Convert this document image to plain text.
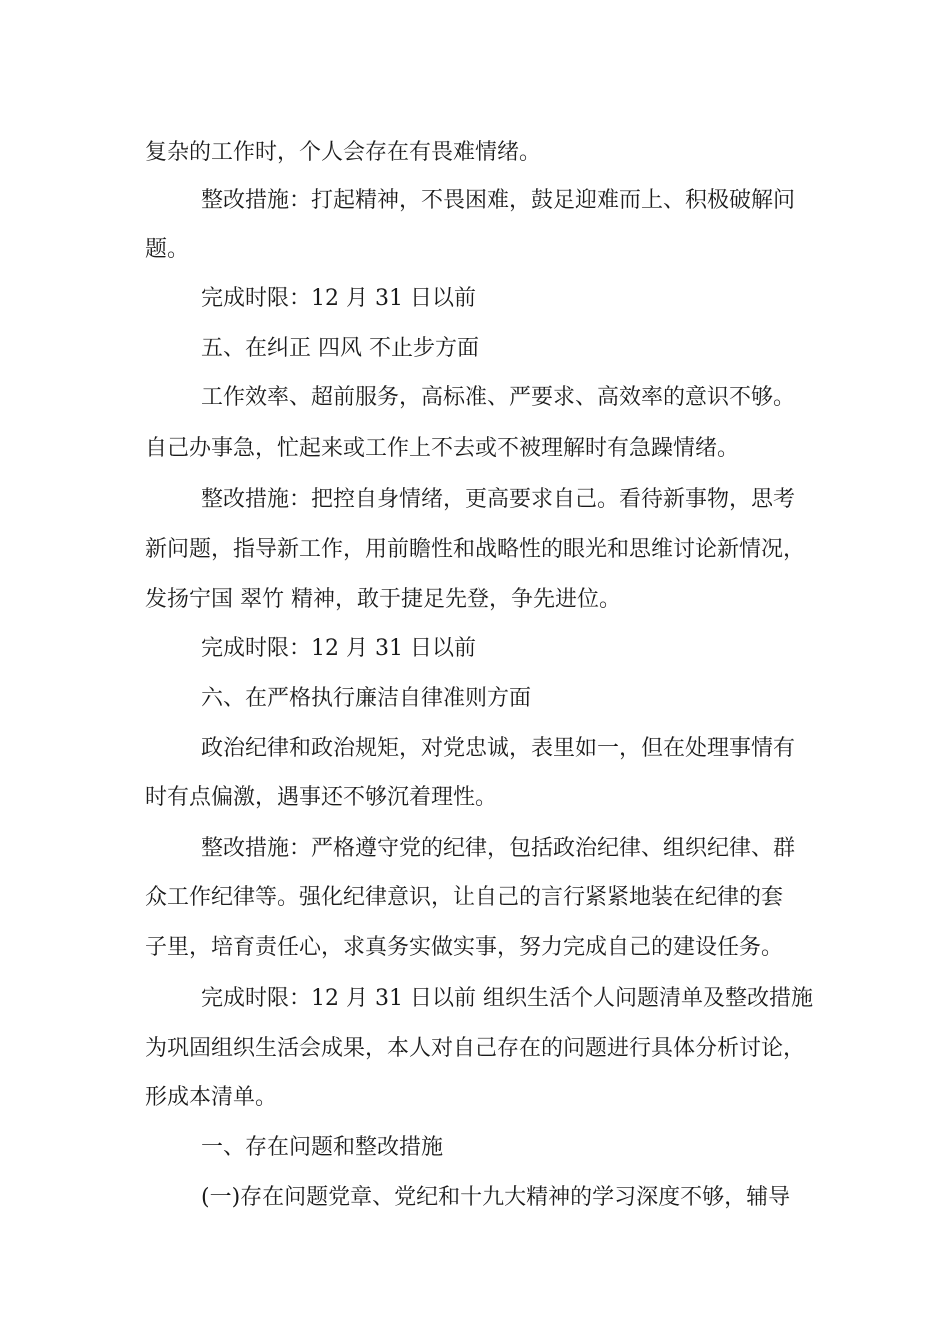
复杂的工作时，个人会存在有畏难情绪。
整改措施：打起精神，不畏困难，鼓足迎难而上、积极破解问
题。
完成时限：12 月 31 日以前
五、在纠正 四风 不止步方面
工作效率、超前服务，高标准、严要求、高效率的意识不够。
自己办事急，忙起来或工作上不去或不被理解时有急躁情绪。
整改措施：把控自身情绪，更高要求自己。看待新事物，思考
新问题，指导新工作，用前瞻性和战略性的眼光和思维讨论新情况，
发扬宁国 翠竹 精神，敢于捷足先登，争先进位。
完成时限：12 月 31 日以前
六、在严格执行廉洁自律准则方面
政治纪律和政治规矩，对党忠诚，表里如一，但在处理事情有
时有点偏激，遇事还不够沉着理性。
整改措施：严格遵守党的纪律，包括政治纪律、组织纪律、群
众工作纪律等。强化纪律意识，让自己的言行紧紧地装在纪律的套
子里，培育责任心，求真务实做实事，努力完成自己的建设任务。
完成时限：12 月 31 日以前 组织生活个人问题清单及整改措施
为巩固组织生活会成果，本人对自己存在的问题进行具体分析讨论，
形成本清单。
一、存在问题和整改措施
(一)存在问题党章、党纪和十九大精神的学习深度不够，辅导
